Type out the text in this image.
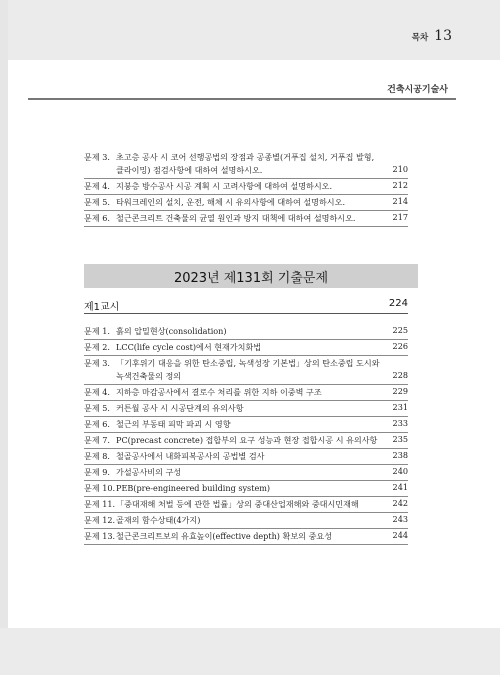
목차 13
건축시공기술사
문제 3. 초고층 공사 시 코어 선행공법의 장점과 공종별(거푸집 설치, 거푸집 발형,
클라이밍) 점검사항에 대하여 설명하시오.	210
문제 4. 지붕층 방수공사 시공 계획 시 고려사항에 대하여 설명하시오.	212
문제 5. 타워크레인의 설치, 운전, 해체 시 유의사항에 대하여 설명하시오.	214
문제 6. 철근콘크리트 건축물의 균열 원인과 방지 대책에 대하여 설명하시오.	217
2023년 제131회 기출문제
제1교시	224
문제 1. 흙의 압밀현상(consolidation)	225
문제 2. LCC(life cycle cost)에서 현재가치화법	226
문제 3. 「기후위기 대응을 위한 탄소중립, 녹색성장 기본법」상의 탄소중립 도시와
녹색건축물의 정의	228
문제 4. 지하층 마감공사에서 결로수 처리를 위한 지하 이중벽 구조	229
문제 5. 커튼월 공사 시 시공단계의 유의사항	231
문제 6. 철근의 부동태 피막 파괴 시 영향	233
문제 7. PC(precast concrete) 접합부의 요구 성능과 현장 접합시공 시 유의사항 235
문제 8. 철골공사에서 내화피복공사의 공법별 검사	238
문제 9. 가설공사비의 구성	240
문제 10. PEB(pre-engineered building system)	241
문제 11. 「중대재해 처벌 등에 관한 법률」상의 중대산업재해와 중대시민재해	242
문제 12. 골재의 함수상태(4가지)	243
문제 13. 철근콘크리트보의 유효높이(effective depth) 확보의 중요성	244
